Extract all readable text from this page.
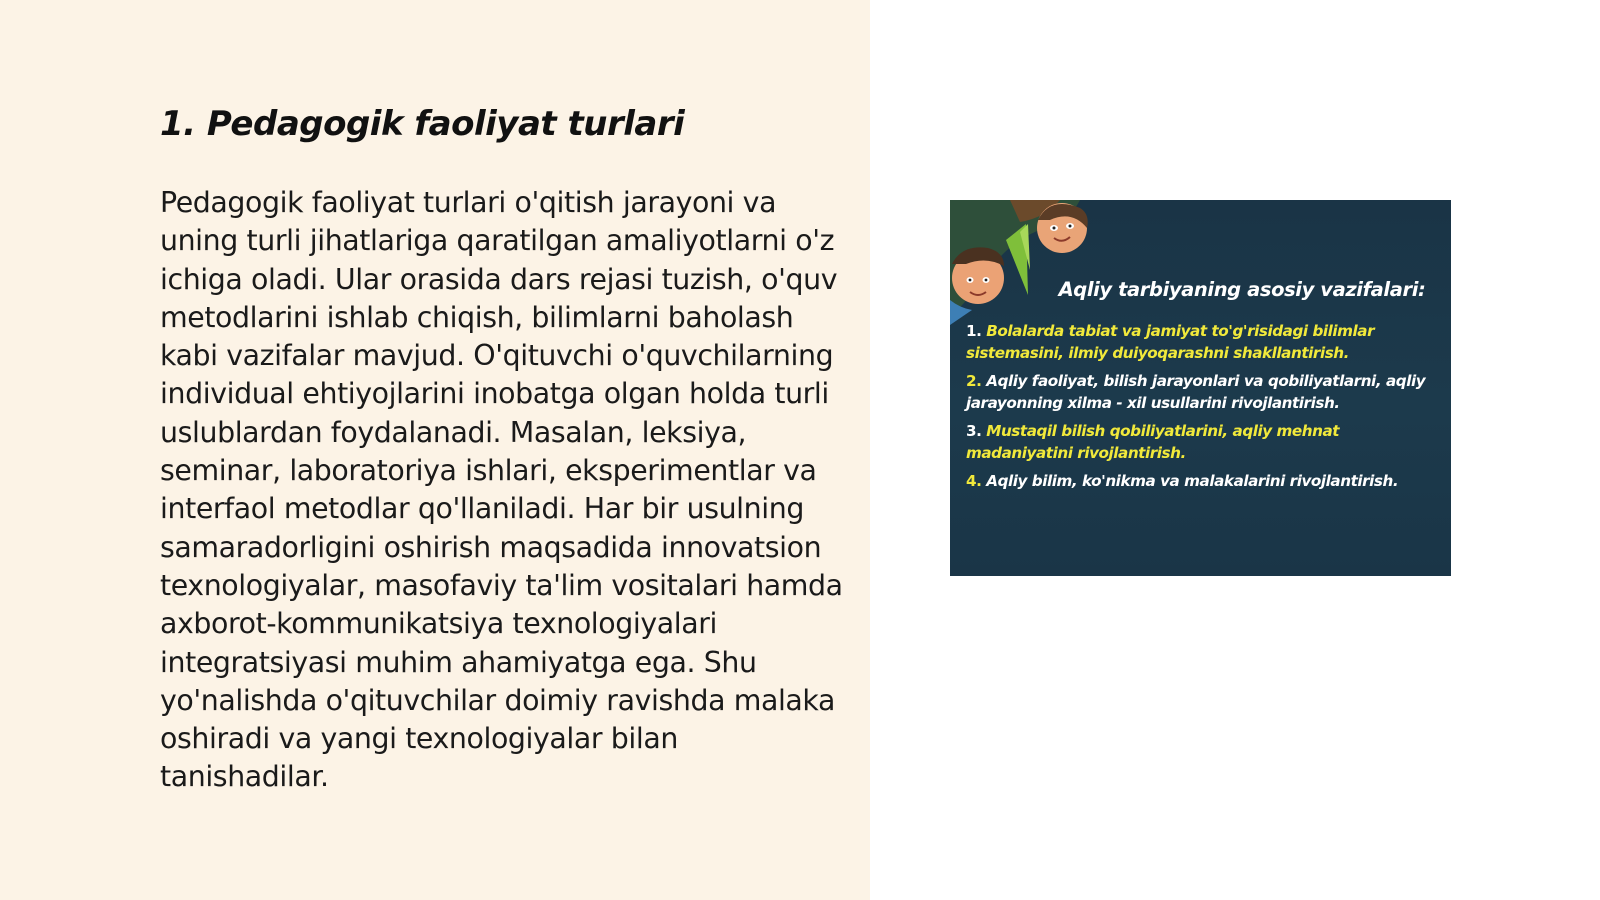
1. Pedagogik faoliyat turlari

Pedagogik faoliyat turlari o'qitish jarayoni va uning turli jihatlariga qaratilgan amaliyotlarni o'z ichiga oladi. Ular orasida dars rejasi tuzish, o'quv metodlarini ishlab chiqish, bilimlarni baholash kabi vazifalar mavjud. O'qituvchi o'quvchilarning individual ehtiyojlarini inobatga olgan holda turli uslublardan foydalanadi. Masalan, leksiya, seminar, laboratoriya ishlari, eksperimentlar va interfaol metodlar qo'llaniladi. Har bir usulning samaradorligini oshirish maqsadida innovatsion texnologiyalar, masofaviy ta'lim vositalari hamda axborot-kommunikatsiya texnologiyalari integratsiyasi muhim ahamiyatga ega. Shu yo'nalishda o'qituvchilar doimiy ravishda malaka oshiradi va yangi texnologiyalar bilan tanishadilar.

Aqliy tarbiyaning asosiy vazifalari:
1. Bolalarda tabiat va jamiyat to'g'risidagi bilimlar sistemasini, ilmiy duiyoqarashni shakllantirish.
2. Aqliy faoliyat, bilish jarayonlari va qobiliyatlarni, aqliy jarayonning xilma - xil usullarini rivojlantirish.
3. Mustaqil bilish qobiliyatlarini, aqliy mehnat madaniyatini rivojlantirish.
4. Aqliy bilim, ko'nikma va malakalarini rivojlantirish.
